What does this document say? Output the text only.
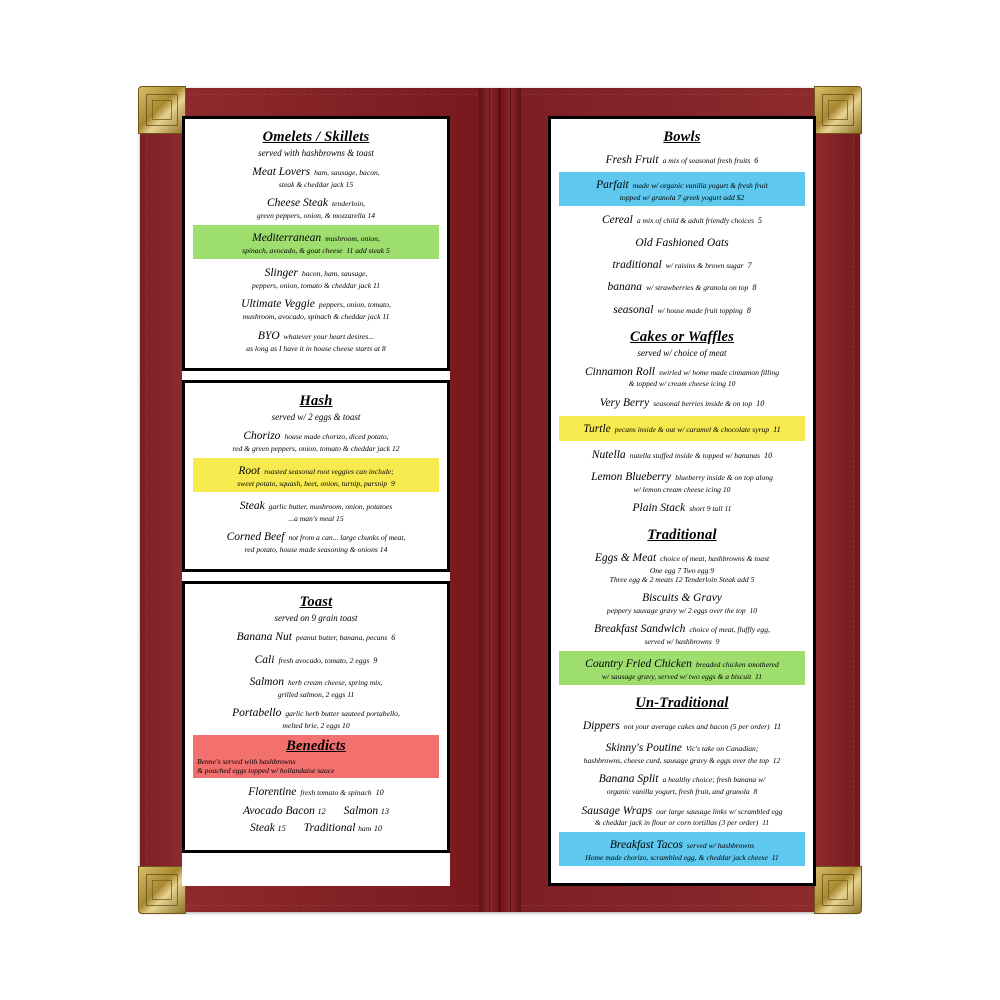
Omelets / Skillets
served with hashbrowns & toast
Meat Lovers ham, sausage, bacon,
steak & cheddar jack 15
Cheese Steak tenderloin,
green peppers, onion, & mozzarella 14
Mediterranean mushroom, onion,
spinach, avocado, & goat cheese 11 add steak 5
Slinger bacon, ham, sausage,
peppers, onion, tomato & cheddar jack 11
Ultimate Veggie peppers, onion, tomato,
mushroom, avocado, spinach & cheddar jack 11
BYO whatever your heart desires...
as long as I have it in house cheese starts at 8
Hash
served w/ 2 eggs & toast
Chorizo house made chorizo, diced potato,
red & green peppers, onion, tomato & cheddar jack 12
Root roasted seasonal root veggies can include;
sweet potato, squash, beet, onion, turnip, parsnip 9
Steak garlic butter, mushroom, onion, potatoes
...a man's meal 15
Corned Beef not from a can... large chunks of meat,
red potato, house made seasoning & onions 14
Toast
served on 9 grain toast
Banana Nut peanut butter, banana, pecans 6
Cali fresh avocado, tomato, 2 eggs 9
Salmon herb cream cheese, spring mix,
grilled salmon, 2 eggs 11
Portabello garlic herb butter sauteed portabello,
melted brie, 2 eggs 10
Benedicts
Benne's served with hashbrowns
& poached eggs topped w/ hollandaise sauce
Florentine fresh tomato & spinach 10
Avocado Bacon 12 Salmon 13
Steak 15 Traditional ham 10
Bowls
Fresh Fruit a mix of seasonal fresh fruits 6
Parfait made w/ organic vanilla yogurt & fresh fruit
topped w/ granola 7 greek yogurt add $2
Cereal a mix of child & adult friendly choices 5
Old Fashioned Oats
traditional w/ raisins & brown sugar 7
banana w/ strawberries & granola on top 8
seasonal w/ house made fruit topping 8
Cakes or Waffles
served w/ choice of meat
Cinnamon Roll swirled w/ home made cinnamon filling
& topped w/ cream cheese icing 10
Very Berry seasonal berries inside & on top 10
Turtle pecans inside & out w/ caramel & chocolate syrup 11
Nutella nutella stuffed inside & topped w/ bananas 10
Lemon Blueberry blueberry inside & on top along
w/ lemon cream cheese icing 10
Plain Stack short 9 tall 11
Traditional
Eggs & Meat choice of meat, hashbrowns & toast
One egg 7 Two egg 9
Three egg & 2 meats 12 Tenderloin Steak add 5
Biscuits & Gravy
peppery sausage gravy w/ 2 eggs over the top 10
Breakfast Sandwich choice of meat, fluffly egg,
served w/ hashbrowns 9
Country Fried Chicken breaded chicken smothered
w/ sausage gravy, served w/ two eggs & a biscuit 11
Un-Traditional
Dippers not your average cakes and bacon (5 per order) 11
Skinny's Poutine Vic's take on Canadian;
hashbrowns, cheese curd, sausage gravy & eggs over the top 12
Banana Split a healthy choice; fresh banana w/
organic vanilla yogurt, fresh fruit, and granola 8
Sausage Wraps our large sausage links w/ scrambled egg
& cheddar jack in flour or corn tortillas (3 per order) 11
Breakfast Tacos served w/ hashbrowns
Home made chorizo, scrambled egg, & cheddar jack cheese 11
